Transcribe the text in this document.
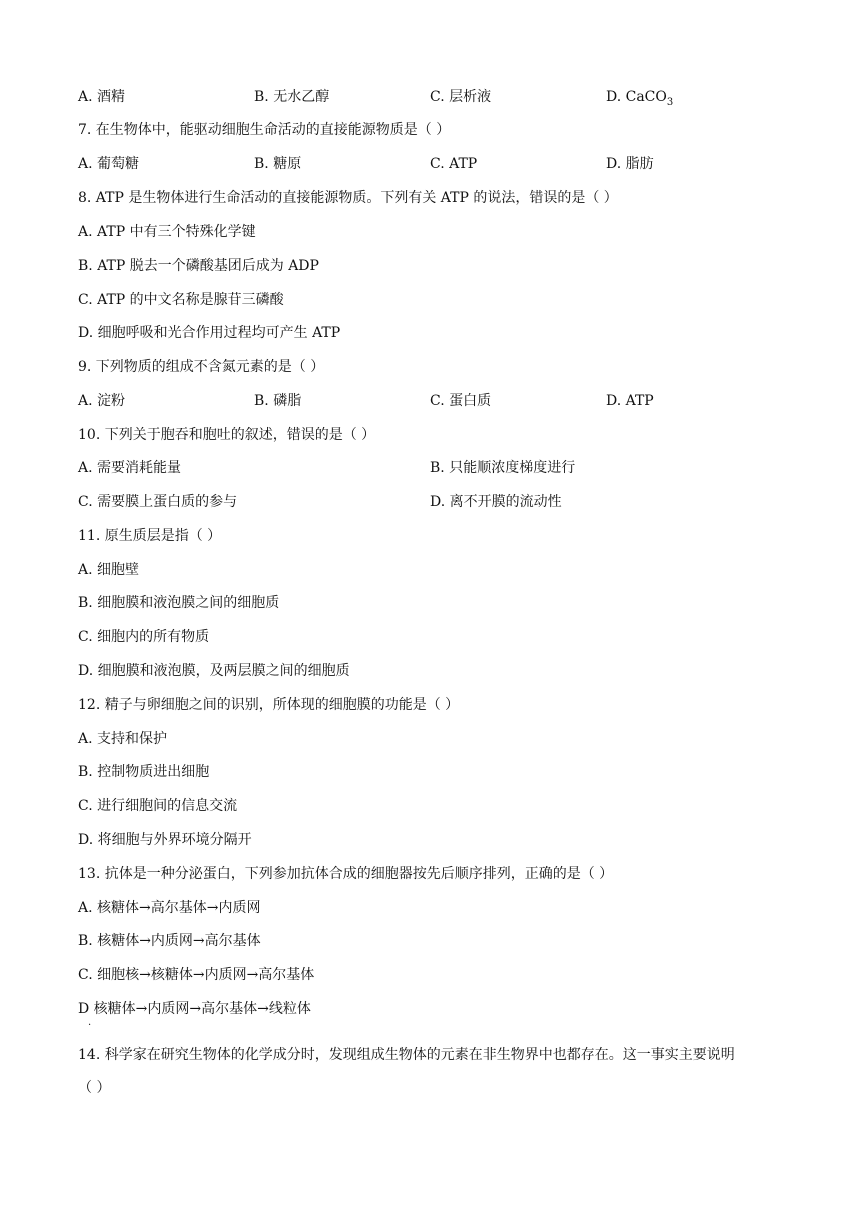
A. 酒精	B. 无水乙醇	C. 层析液	D. CaCO$_3$
7. 在生物体中，能驱动细胞生命活动的直接能源物质是（ ）
A. 葡萄糖	B. 糖原	C. ATP	D. 脂肪
8. ATP 是生物体进行生命活动的直接能源物质。下列有关 ATP 的说法，错误的是（ ）
A. ATP 中有三个特殊化学键
B. ATP 脱去一个磷酸基团后成为 ADP
C. ATP 的中文名称是腺苷三磷酸
D. 细胞呼吸和光合作用过程均可产生 ATP
9. 下列物质的组成不含氮元素的是（ ）
A. 淀粉	B. 磷脂	C. 蛋白质	D. ATP
10. 下列关于胞吞和胞吐的叙述，错误的是（ ）
A. 需要消耗能量	B. 只能顺浓度梯度进行
C. 需要膜上蛋白质的参与	D. 离不开膜的流动性
11. 原生质层是指（ ）
A. 细胞壁
B. 细胞膜和液泡膜之间的细胞质
C. 细胞内的所有物质
D. 细胞膜和液泡膜，及两层膜之间的细胞质
12. 精子与卵细胞之间的识别，所体现的细胞膜的功能是（ ）
A. 支持和保护
B. 控制物质进出细胞
C. 进行细胞间的信息交流
D. 将细胞与外界环境分隔开
13. 抗体是一种分泌蛋白，下列参加抗体合成的细胞器按先后顺序排列，正确的是（ ）
A. 核糖体→高尔基体→内质网
B. 核糖体→内质网→高尔基体
C. 细胞核→核糖体→内质网→高尔基体
D 核糖体→内质网→高尔基体→线粒体
.
14. 科学家在研究生物体的化学成分时，发现组成生物体的元素在非生物界中也都存在。这一事实主要说明
（ ）
